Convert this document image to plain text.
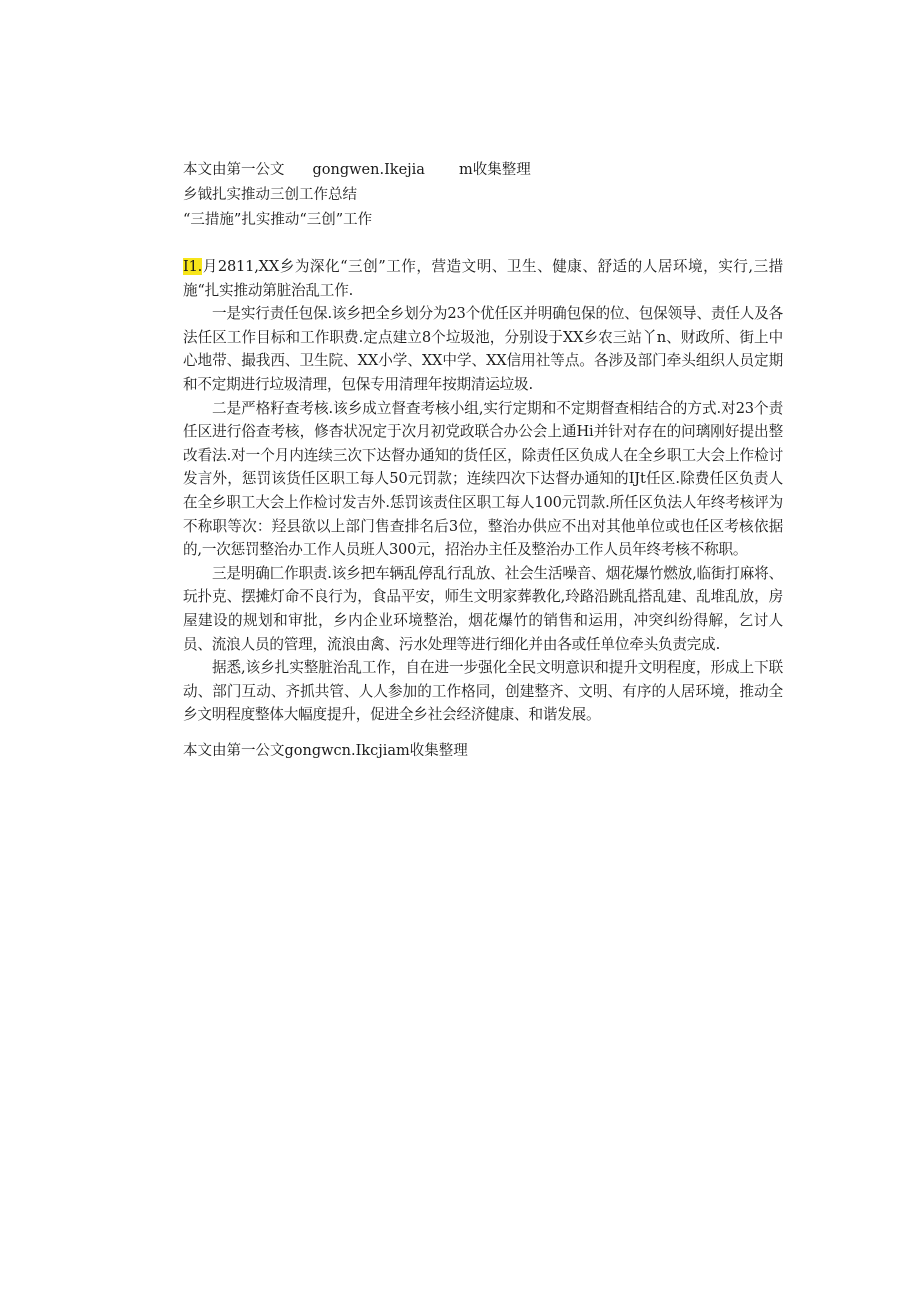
本文由第一公文 gongwen.Ikejia m收集整理
乡钺扎实推动三创工作总结
“三措施”扎实推动“三创”工作

I1.月2811,XX乡为深化“三创”工作，营造文明、卫生、健康、舒适的人居环境，实行,三措施“扎实推动第脏治乱工作.

一是实行责任包保.该乡把全乡划分为23个优任区并明确包保的位、包保领导、责任人及各法任区工作目标和工作职费.定点建立8个垃圾池，分别设于XX乡农三站丫n、财政所、街上中心地带、撮我西、卫生院、XX小学、XX中学、XX信用社等点。各涉及部门牵头组织人员定期和不定期进行垃圾清理，包保专用清理年按期清运垃圾.

二是严格籽查考核.该乡成立督查考核小组,实行定期和不定期督查相结合的方式.对23个责任区进行俗查考核，修杳状况定于次月初党政联合办公会上通Hi并针对存在的问璃刚好提出整改看法.对一个月内连续三次下达督办通知的货任区，除责任区负成人在全乡职工大会上作检讨发言外，惩罚该货任区职工每人50元罚款；连续四次下达督办通知的IJt任区.除费任区负责人在全乡职工大会上作检讨发吉外.恁罚该责住区职工每人100元罚款.所任区负法人年终考核评为不称职等次：羟县欲以上部门售查排名后3位，整治办供应不出对其他单位或也任区考核依据的,一次惩罚整治办工作人员班人300元，招治办主任及整治办工作人员年终考核不称职。

三是明确匚作职责.该乡把车辆乱停乱行乱放、社会生活噪音、烟花爆竹燃放,临街打麻将、玩扑克、摆摊灯命不良行为，食品平安，师生文明家葬教化,玲路沿跳乱搭乱建、乱堆乱放，房屋建设的规划和审批，乡内企业环境整治，烟花爆竹的销售和运用，冲突纠纷得解，乞讨人员、流浪人员的管理，流浪由禽、污水处理等进行细化并由各或任单位牵头负责完成.

据悉,该乡扎实整脏治乱工作，自在进一步强化全民文明意识和提升文明程度，形成上下联动、部门互动、齐抓共管、人人参加的工作格同，创建整齐、文明、有序的人居环境，推动全乡文明程度整体大幅度提升，促进全乡社会经济健康、和谐发展。

本文由第一公文gongwcn.Ikcjiam收集整理
